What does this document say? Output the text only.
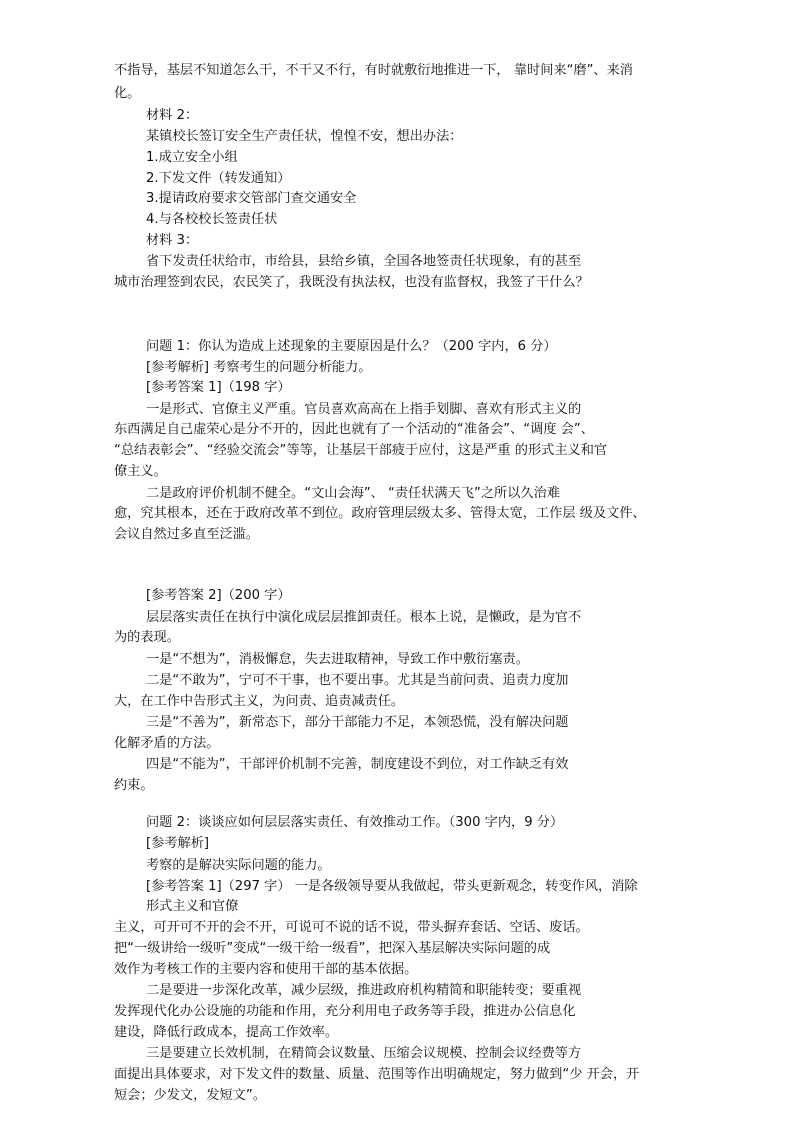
不指导，基层不知道怎么干，不干又不行，有时就敷衍地推进一下， 靠时间来“磨”、来消
化。
材料 2：
某镇校长签订安全生产责任状，惶惶不安，想出办法：
1.成立安全小组
2.下发文件（转发通知）
3.提请政府要求交管部门查交通安全
4.与各校校长签责任状
材料 3：
省下发责任状给市，市给县，县给乡镇，全国各地签责任状现象，有的甚至
城市治理签到农民，农民笑了，我既没有执法权，也没有监督权，我签了干什么？
问题 1：你认为造成上述现象的主要原因是什么？（200 字内，6 分）
[参考解析] 考察考生的问题分析能力。
[参考答案 1]（198 字）
一是形式、官僚主义严重。官员喜欢高高在上指手划脚、喜欢有形式主义的
东西满足自己虚荣心是分不开的，因此也就有了一个活动的“准备会”、“调度 会”、
“总结表彰会”、“经验交流会”等等，让基层干部疲于应付，这是严重 的形式主义和官
僚主义。
二是政府评价机制不健全。“文山会海”、 “责任状满天飞”之所以久治难
愈，究其根本，还在于政府改革不到位。政府管理层级太多、管得太宽，工作层 级及文件、
会议自然过多直至泛滥。
[参考答案 2]（200 字）
层层落实责任在执行中演化成层层推卸责任。根本上说，是懒政，是为官不
为的表现。
一是“不想为”，消极懈怠，失去进取精神，导致工作中敷衍塞责。
二是“不敢为”，宁可不干事，也不要出事。尤其是当前问责、追责力度加
大，在工作中告形式主义，为问责、追责减责任。
三是“不善为”，新常态下，部分干部能力不足，本领恐慌，没有解决问题
化解矛盾的方法。
四是“不能为”，干部评价机制不完善，制度建设不到位，对工作缺乏有效
约束。
问题 2：谈谈应如何层层落实责任、有效推动工作。（300 字内，9 分）
[参考解析]
考察的是解决实际问题的能力。
[参考答案 1]（297 字） 一是各级领导要从我做起，带头更新观念，转变作风，消除
形式主义和官僚
主义，可开可不开的会不开，可说可不说的话不说，带头摒弃套话、空话、废话。
把“一级讲给一级听”变成“一级干给一级看”，把深入基层解决实际问题的成
效作为考核工作的主要内容和使用干部的基本依据。
二是要进一步深化改革，减少层级，推进政府机构精简和职能转变；要重视
发挥现代化办公设施的功能和作用，充分利用电子政务等手段，推进办公信息化
建设，降低行政成本，提高工作效率。
三是要建立长效机制，在精简会议数量、压缩会议规模、控制会议经费等方
面提出具体要求，对下发文件的数量、质量、范围等作出明确规定，努力做到“少 开会，开
短会；少发文，发短文”。
